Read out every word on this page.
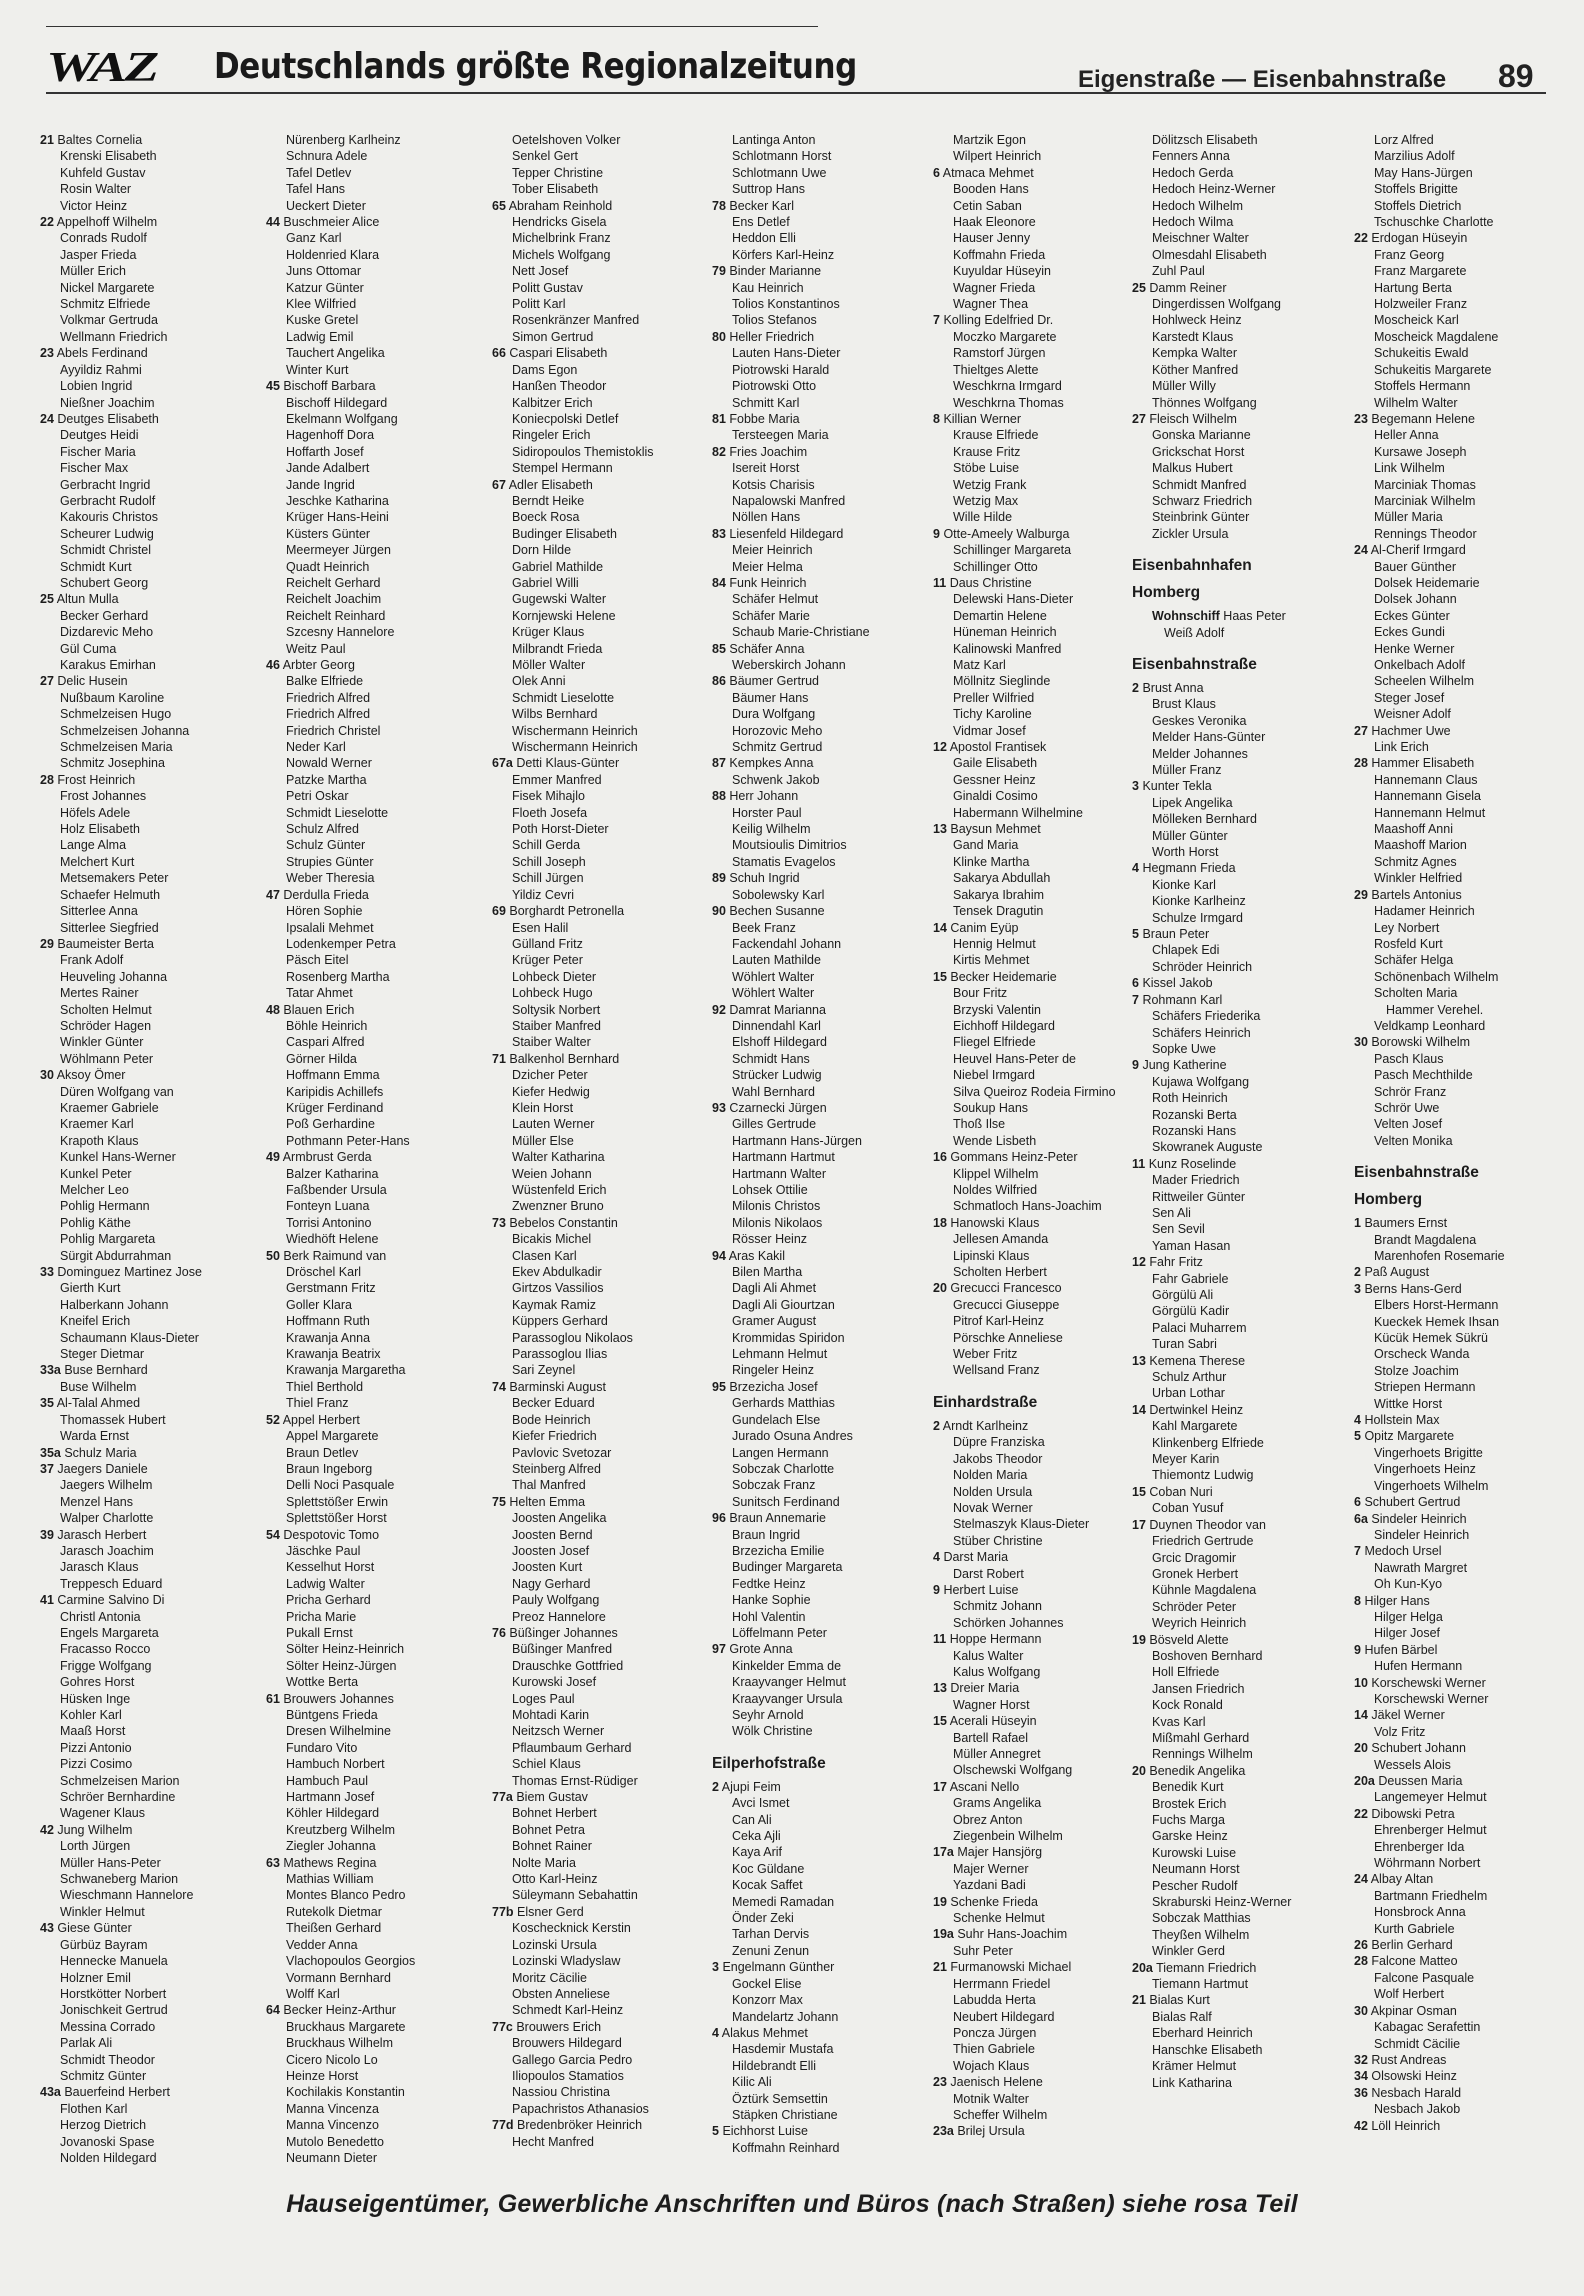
WAZ Deutschlands größte Regionalzeitung	Eigenstraße — Eisenbahnstraße 89
21 Baltes Cornelia
Krenski Elisabeth
Kuhfeld Gustav
Rosin Walter
Victor Heinz
22 Appelhoff Wilhelm
Conrads Rudolf
Jasper Frieda
Müller Erich
Nickel Margarete
Schmitz Elfriede
Volkmar Gertruda
Wellmann Friedrich
23 Abels Ferdinand
Ayyildiz Rahmi
Lobien Ingrid
Nießner Joachim
24 Deutges Elisabeth
Deutges Heidi
Fischer Maria
Fischer Max
Gerbracht Ingrid
Gerbracht Rudolf
Kakouris Christos
Scheurer Ludwig
Schmidt Christel
Schmidt Kurt
Schubert Georg
25 Altun Mulla
Becker Gerhard
Dizdarevic Meho
Gül Cuma
Karakus Emirhan
27 Delic Husein
Nußbaum Karoline
Schmelzeisen Hugo
Schmelzeisen Johanna
Schmelzeisen Maria
Schmitz Josephina
28 Frost Heinrich
Frost Johannes
Höfels Adele
Holz Elisabeth
Lange Alma
Melchert Kurt
Metsemakers Peter
Schaefer Helmuth
Sitterlee Anna
Sitterlee Siegfried
29 Baumeister Berta
Frank Adolf
Heuveling Johanna
Mertes Rainer
Scholten Helmut
Schröder Hagen
Winkler Günter
Wöhlmann Peter
30 Aksoy Ömer
Düren Wolfgang van
Kraemer Gabriele
Kraemer Karl
Krapoth Klaus
Kunkel Hans-Werner
Kunkel Peter
Melcher Leo
Pohlig Hermann
Pohlig Käthe
Pohlig Margareta
Sürgit Abdurrahman
33 Dominguez Martinez Jose
Gierth Kurt
Halberkann Johann
Kneifel Erich
Schaumann Klaus-Dieter
Steger Dietmar
33a Buse Bernhard
Buse Wilhelm
35 Al-Talal Ahmed
Thomassek Hubert
Warda Ernst
35a Schulz Maria
37 Jaegers Daniele
Jaegers Wilhelm
Menzel Hans
Walper Charlotte
39 Jarasch Herbert
Jarasch Joachim
Jarasch Klaus
Treppesch Eduard
41 Carmine Salvino Di
Christl Antonia
Engels Margareta
Fracasso Rocco
Frigge Wolfgang
Gohres Horst
Hüsken Inge
Kohler Karl
Maaß Horst
Pizzi Antonio
Pizzi Cosimo
Schmelzeisen Marion
Schröer Bernhardine
Wagener Klaus
42 Jung Wilhelm
Lorth Jürgen
Müller Hans-Peter
Schwaneberg Marion
Wieschmann Hannelore
Winkler Helmut
43 Giese Günter
Gürbüz Bayram
Hennecke Manuela
Holzner Emil
Horstkötter Norbert
Jonischkeit Gertrud
Messina Corrado
Parlak Ali
Schmidt Theodor
Schmitz Günter
43a Bauerfeind Herbert
Flothen Karl
Herzog Dietrich
Jovanoski Spase
Nolden Hildegard
Nürenberg Karlheinz
Schnura Adele
Tafel Detlev
Tafel Hans
Ueckert Dieter
44 Buschmeier Alice
Ganz Karl
Holdenried Klara
Juns Ottomar
Katzur Günter
Klee Wilfried
Kuske Gretel
Ladwig Emil
Tauchert Angelika
Winter Kurt
45 Bischoff Barbara
Bischoff Hildegard
Ekelmann Wolfgang
Hagenhoff Dora
Hoffarth Josef
Jande Adalbert
Jande Ingrid
Jeschke Katharina
Krüger Hans-Heini
Küsters Günter
Meermeyer Jürgen
Quadt Heinrich
Reichelt Gerhard
Reichelt Joachim
Reichelt Reinhard
Szcesny Hannelore
Weitz Paul
46 Arbter Georg
Balke Elfriede
Friedrich Alfred
Friedrich Alfred
Friedrich Christel
Neder Karl
Nowald Werner
Patzke Martha
Petri Oskar
Schmidt Lieselotte
Schulz Alfred
Schulz Günter
Strupies Günter
Weber Theresia
47 Derdulla Frieda
Hören Sophie
Ipsalali Mehmet
Lodenkemper Petra
Päsch Eitel
Rosenberg Martha
Tatar Ahmet
48 Blauen Erich
Böhle Heinrich
Caspari Alfred
Görner Hilda
Hoffmann Emma
Karipidis Achillefs
Krüger Ferdinand
Poß Gerhardine
Pothmann Peter-Hans
49 Armbrust Gerda
Balzer Katharina
Faßbender Ursula
Fonteyn Luana
Torrisi Antonino
Wiedhöft Helene
50 Berk Raimund van
Dröschel Karl
Gerstmann Fritz
Goller Klara
Hoffmann Ruth
Krawanja Anna
Krawanja Beatrix
Krawanja Margaretha
Thiel Berthold
Thiel Franz
52 Appel Herbert
Appel Margarete
Braun Detlev
Braun Ingeborg
Delli Noci Pasquale
Splettstößer Erwin
Splettstößer Horst
54 Despotovic Tomo
Jäschke Paul
Kesselhut Horst
Ladwig Walter
Pricha Gerhard
Pricha Marie
Pukall Ernst
Sölter Heinz-Heinrich
Sölter Heinz-Jürgen
Wottke Berta
61 Brouwers Johannes
Büntgens Frieda
Dresen Wilhelmine
Fundaro Vito
Hambuch Norbert
Hambuch Paul
Hartmann Josef
Köhler Hildegard
Kreutzberg Wilhelm
Ziegler Johanna
63 Mathews Regina
Mathias William
Montes Blanco Pedro
Rutekolk Dietmar
Theißen Gerhard
Vedder Anna
Vlachopoulos Georgios
Vormann Bernhard
Wolff Karl
64 Becker Heinz-Arthur
Bruckhaus Margarete
Bruckhaus Wilhelm
Cicero Nicolo Lo
Heinze Horst
Kochilakis Konstantin
Manna Vincenza
Manna Vincenzo
Mutolo Benedetto
Neumann Dieter
Oetelshoven Volker
Senkel Gert
Tepper Christine
Tober Elisabeth
65 Abraham Reinhold
Hendricks Gisela
Michelbrink Franz
Michels Wolfgang
Nett Josef
Politt Gustav
Politt Karl
Rosenkränzer Manfred
Simon Gertrud
66 Caspari Elisabeth
Dams Egon
Hanßen Theodor
Kalbitzer Erich
Koniecpolski Detlef
Ringeler Erich
Sidiropoulos Themistoklis
Stempel Hermann
67 Adler Elisabeth
Berndt Heike
Boeck Rosa
Budinger Elisabeth
Dorn Hilde
Gabriel Mathilde
Gabriel Willi
Gugewski Walter
Kornjewski Helene
Krüger Klaus
Milbrandt Frieda
Möller Walter
Olek Anni
Schmidt Lieselotte
Wilbs Bernhard
Wischermann Heinrich
Wischermann Heinrich
67a Detti Klaus-Günter
Emmer Manfred
Fisek Mihajlo
Floeth Josefa
Poth Horst-Dieter
Schill Gerda
Schill Joseph
Schill Jürgen
Yildiz Cevri
69 Borghardt Petronella
Esen Halil
Gülland Fritz
Krüger Peter
Lohbeck Dieter
Lohbeck Hugo
Soltysik Norbert
Staiber Manfred
Staiber Walter
71 Balkenhol Bernhard
Dzicher Peter
Kiefer Hedwig
Klein Horst
Lauten Werner
Müller Else
Walter Katharina
Weien Johann
Wüstenfeld Erich
Zwenzner Bruno
73 Bebelos Constantin
Bicakis Michel
Clasen Karl
Ekev Abdulkadir
Girtzos Vassilios
Kaymak Ramiz
Küppers Gerhard
Parassoglou Nikolaos
Parassoglou Ilias
Sari Zeynel
74 Barminski August
Becker Eduard
Bode Heinrich
Kiefer Friedrich
Pavlovic Svetozar
Steinberg Alfred
Thal Manfred
75 Helten Emma
Joosten Angelika
Joosten Bernd
Joosten Josef
Joosten Kurt
Nagy Gerhard
Pauly Wolfgang
Preoz Hannelore
76 Büßinger Johannes
Büßinger Manfred
Drauschke Gottfried
Kurowski Josef
Loges Paul
Mohtadi Karin
Neitzsch Werner
Pflaumbaum Gerhard
Schiel Klaus
Thomas Ernst-Rüdiger
77a Biem Gustav
Bohnet Herbert
Bohnet Petra
Bohnet Rainer
Nolte Maria
Otto Karl-Heinz
Süleymann Sebahattin
77b Elsner Gerd
Koschecknick Kerstin
Lozinski Ursula
Lozinski Wladyslaw
Moritz Cäcilie
Obsten Anneliese
Schmedt Karl-Heinz
77c Brouwers Erich
Brouwers Hildegard
Gallego Garcia Pedro
Iliopoulos Stamatios
Nassiou Christina
Papachristos Athanasios
77d Bredenbröker Heinrich
Hecht Manfred
Lantinga Anton
Schlotmann Horst
Schlotmann Uwe
Suttrop Hans
78 Becker Karl
Ens Detlef
Heddon Elli
Körfers Karl-Heinz
79 Binder Marianne
Kau Heinrich
Tolios Konstantinos
Tolios Stefanos
80 Heller Friedrich
Lauten Hans-Dieter
Piotrowski Harald
Piotrowski Otto
Schmitt Karl
81 Fobbe Maria
Tersteegen Maria
82 Fries Joachim
Isereit Horst
Kotsis Charisis
Napalowski Manfred
Nöllen Hans
83 Liesenfeld Hildegard
Meier Heinrich
Meier Helma
84 Funk Heinrich
Schäfer Helmut
Schäfer Marie
Schaub Marie-Christiane
85 Schäfer Anna
Weberskirch Johann
86 Bäumer Gertrud
Bäumer Hans
Dura Wolfgang
Horozovic Meho
Schmitz Gertrud
87 Kempkes Anna
Schwenk Jakob
88 Herr Johann
Horster Paul
Keilig Wilhelm
Moutsioulis Dimitrios
Stamatis Evagelos
89 Schuh Ingrid
Sobolewsky Karl
90 Bechen Susanne
Beek Franz
Fackendahl Johann
Lauten Mathilde
Wöhlert Walter
Wöhlert Walter
92 Damrat Marianna
Dinnendahl Karl
Elshoff Hildegard
Schmidt Hans
Strücker Ludwig
Wahl Bernhard
93 Czarnecki Jürgen
Gilles Gertrude
Hartmann Hans-Jürgen
Hartmann Hartmut
Hartmann Walter
Lohsek Ottilie
Milonis Christos
Milonis Nikolaos
Rösser Heinz
94 Aras Kakil
Bilen Martha
Dagli Ali Ahmet
Dagli Ali Giourtzan
Gramer August
Krommidas Spiridon
Lehmann Helmut
Ringeler Heinz
95 Brzezicha Josef
Gerhards Matthias
Gundelach Else
Jurado Osuna Andres
Langen Hermann
Sobczak Charlotte
Sobczak Franz
Sunitsch Ferdinand
96 Braun Annemarie
Braun Ingrid
Brzezicha Emilie
Budinger Margareta
Fedtke Heinz
Hanke Sophie
Hohl Valentin
Löffelmann Peter
97 Grote Anna
Kinkelder Emma de
Kraayvanger Helmut
Kraayvanger Ursula
Seyhr Arnold
Wölk Christine
Eilperhofstraße
2 Ajupi Feim
Avci Ismet
Can Ali
Ceka Ajli
Kaya Arif
Koc Güldane
Kocak Saffet
Memedi Ramadan
Önder Zeki
Tarhan Dervis
Zenuni Zenun
3 Engelmann Günther
Gockel Elise
Konzorr Max
Mandelartz Johann
4 Alakus Mehmet
Hasdemir Mustafa
Hildebrandt Elli
Kilic Ali
Öztürk Semsettin
Stäpken Christiane
5 Eichhorst Luise
Koffmahn Reinhard
Martzik Egon
Wilpert Heinrich
6 Atmaca Mehmet
Booden Hans
Cetin Saban
Haak Eleonore
Hauser Jenny
Koffmahn Frieda
Kuyuldar Hüseyin
Wagner Frieda
Wagner Thea
7 Kolling Edelfried Dr.
Moczko Margarete
Ramstorf Jürgen
Thieltges Alette
Weschkrna Irmgard
Weschkrna Thomas
8 Killian Werner
Krause Elfriede
Krause Fritz
Stöbe Luise
Wetzig Frank
Wetzig Max
Wille Hilde
9 Otte-Ameely Walburga
Schillinger Margareta
Schillinger Otto
11 Daus Christine
Delewski Hans-Dieter
Demartin Helene
Hüneman Heinrich
Kalinowski Manfred
Matz Karl
Möllnitz Sieglinde
Preller Wilfried
Tichy Karoline
Vidmar Josef
12 Apostol Frantisek
Gaile Elisabeth
Gessner Heinz
Ginaldi Cosimo
Habermann Wilhelmine
13 Baysun Mehmet
Gand Maria
Klinke Martha
Sakarya Abdullah
Sakarya Ibrahim
Tensek Dragutin
14 Canim Eyüp
Hennig Helmut
Kirtis Mehmet
15 Becker Heidemarie
Bour Fritz
Brzyski Valentin
Eichhoff Hildegard
Fliegel Elfriede
Heuvel Hans-Peter de
Niebel Irmgard
Silva Queiroz Rodeia Firmino
Soukup Hans
Thoß Ilse
Wende Lisbeth
16 Gommans Heinz-Peter
Klippel Wilhelm
Noldes Wilfried
Schmatloch Hans-Joachim
18 Hanowski Klaus
Jellesen Amanda
Lipinski Klaus
Scholten Herbert
20 Grecucci Francesco
Grecucci Giuseppe
Pitrof Karl-Heinz
Pörschke Anneliese
Weber Fritz
Wellsand Franz
Einhardstraße
2 Arndt Karlheinz
Düpre Franziska
Jakobs Theodor
Nolden Maria
Nolden Ursula
Novak Werner
Stelmaszyk Klaus-Dieter
Stüber Christine
4 Darst Maria
Darst Robert
9 Herbert Luise
Schmitz Johann
Schörken Johannes
11 Hoppe Hermann
Kalus Walter
Kalus Wolfgang
13 Dreier Maria
Wagner Horst
15 Acerali Hüseyin
Bartell Rafael
Müller Annegret
Olschewski Wolfgang
17 Ascani Nello
Grams Angelika
Obrez Anton
Ziegenbein Wilhelm
17a Majer Hansjörg
Majer Werner
Yazdani Badi
19 Schenke Frieda
Schenke Helmut
19a Suhr Hans-Joachim
Suhr Peter
21 Furmanowski Michael
Herrmann Friedel
Labudda Herta
Neubert Hildegard
Poncza Jürgen
Thien Gabriele
Wojach Klaus
23 Jaenisch Helene
Motnik Walter
Scheffer Wilhelm
23a Brilej Ursula
Dölitzsch Elisabeth
Fenners Anna
Hedoch Gerda
Hedoch Heinz-Werner
Hedoch Wilhelm
Hedoch Wilma
Meischner Walter
Olmesdahl Elisabeth
Zuhl Paul
25 Damm Reiner
Dingerdissen Wolfgang
Hohlweck Heinz
Karstedt Klaus
Kempka Walter
Köther Manfred
Müller Willy
Thönnes Wolfgang
27 Fleisch Wilhelm
Gonska Marianne
Grickschat Horst
Malkus Hubert
Schmidt Manfred
Schwarz Friedrich
Steinbrink Günter
Zickler Ursula
Eisenbahnhafen
Homberg
Wohnschiff Haas Peter
Weiß Adolf
Eisenbahnstraße
2 Brust Anna
Brust Klaus
Geskes Veronika
Melder Hans-Günter
Melder Johannes
Müller Franz
3 Kunter Tekla
Lipek Angelika
Mölleken Bernhard
Müller Günter
Worth Horst
4 Hegmann Frieda
Kionke Karl
Kionke Karlheinz
Schulze Irmgard
5 Braun Peter
Chlapek Edi
Schröder Heinrich
6 Kissel Jakob
7 Rohmann Karl
Schäfers Friederika
Schäfers Heinrich
Sopke Uwe
9 Jung Katherine
Kujawa Wolfgang
Roth Heinrich
Rozanski Berta
Rozanski Hans
Skowranek Auguste
11 Kunz Roselinde
Mader Friedrich
Rittweiler Günter
Sen Ali
Sen Sevil
Yaman Hasan
12 Fahr Fritz
Fahr Gabriele
Görgülü Ali
Görgülü Kadir
Palaci Muharrem
Turan Sabri
13 Kemena Therese
Schulz Arthur
Urban Lothar
14 Dertwinkel Heinz
Kahl Margarete
Klinkenberg Elfriede
Meyer Karin
Thiemontz Ludwig
15 Coban Nuri
Coban Yusuf
17 Duynen Theodor van
Friedrich Gertrude
Grcic Dragomir
Gronek Herbert
Kühnle Magdalena
Schröder Peter
Weyrich Heinrich
19 Bösveld Alette
Boshoven Bernhard
Holl Elfriede
Jansen Friedrich
Kock Ronald
Kvas Karl
Mißmahl Gerhard
Rennings Wilhelm
20 Benedik Angelika
Benedik Kurt
Brostek Erich
Fuchs Marga
Garske Heinz
Kurowski Luise
Neumann Horst
Pescher Rudolf
Skraburski Heinz-Werner
Sobczak Matthias
Theyßen Wilhelm
Winkler Gerd
20a Tiemann Friedrich
Tiemann Hartmut
21 Bialas Kurt
Bialas Ralf
Eberhard Heinrich
Hanschke Elisabeth
Krämer Helmut
Link Katharina
Lorz Alfred
Marzilius Adolf
May Hans-Jürgen
Stoffels Brigitte
Stoffels Dietrich
Tschuschke Charlotte
22 Erdogan Hüseyin
Franz Georg
Franz Margarete
Hartung Berta
Holzweiler Franz
Moscheick Karl
Moscheick Magdalene
Schukeitis Ewald
Schukeitis Margarete
Stoffels Hermann
Wilhelm Walter
23 Begemann Helene
Heller Anna
Kursawe Joseph
Link Wilhelm
Marciniak Thomas
Marciniak Wilhelm
Müller Maria
Rennings Theodor
24 Al-Cherif Irmgard
Bauer Günther
Dolsek Heidemarie
Dolsek Johann
Eckes Günter
Eckes Gundi
Henke Werner
Onkelbach Adolf
Scheelen Wilhelm
Steger Josef
Weisner Adolf
27 Hachmer Uwe
Link Erich
28 Hammer Elisabeth
Hannemann Claus
Hannemann Gisela
Hannemann Helmut
Maashoff Anni
Maashoff Marion
Schmitz Agnes
Winkler Helfried
29 Bartels Antonius
Hadamer Heinrich
Ley Norbert
Rosfeld Kurt
Schäfer Helga
Schönenbach Wilhelm
Scholten Maria
Hammer Verehel.
Veldkamp Leonhard
30 Borowski Wilhelm
Pasch Klaus
Pasch Mechthilde
Schrör Franz
Schrör Uwe
Velten Josef
Velten Monika
Eisenbahnstraße
Homberg
1 Baumers Ernst
Brandt Magdalena
Marenhofen Rosemarie
2 Paß August
3 Berns Hans-Gerd
Elbers Horst-Hermann
Kueckek Hemek Ihsan
Kücük Hemek Sükrü
Orscheck Wanda
Stolze Joachim
Striepen Hermann
Wittke Horst
4 Hollstein Max
5 Opitz Margarete
Vingerhoets Brigitte
Vingerhoets Heinz
Vingerhoets Wilhelm
6 Schubert Gertrud
6a Sindeler Heinrich
Sindeler Heinrich
7 Medoch Ursel
Nawrath Margret
Oh Kun-Kyo
8 Hilger Hans
Hilger Helga
Hilger Josef
9 Hufen Bärbel
Hufen Hermann
10 Korschewski Werner
Korschewski Werner
14 Jäkel Werner
Volz Fritz
20 Schubert Johann
Wessels Alois
20a Deussen Maria
Langemeyer Helmut
22 Dibowski Petra
Ehrenberger Helmut
Ehrenberger Ida
Wöhrmann Norbert
24 Albay Altan
Bartmann Friedhelm
Honsbrock Anna
Kurth Gabriele
26 Berlin Gerhard
28 Falcone Matteo
Falcone Pasquale
Wolf Herbert
30 Akpinar Osman
Kabagac Serafettin
Schmidt Cäcilie
32 Rust Andreas
34 Olsowski Heinz
36 Nesbach Harald
Nesbach Jakob
42 Löll Heinrich
Hauseigentümer, Gewerbliche Anschriften und Büros (nach Straßen) siehe rosa Teil
